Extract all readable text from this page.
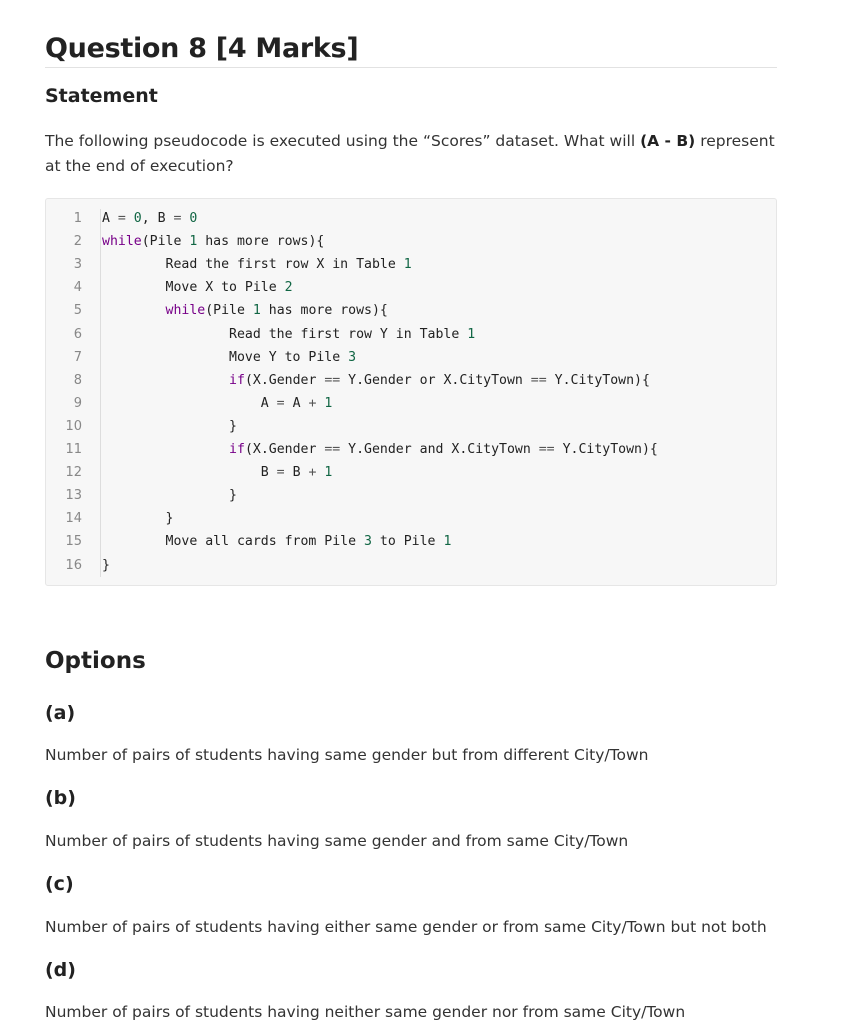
Question 8 [4 Marks]
Statement
The following pseudocode is executed using the “Scores” dataset. What will (A - B) represent at the end of execution?
1 A = 0, B = 0
2 while(Pile 1 has more rows){
3 Read the first row X in Table 1
4 Move X to Pile 2
5	while(Pile 1 has more rows){
6 Read the first row Y in Table 1
7 Move Y to Pile 3
8	if(X.Gender == Y.Gender or X.CityTown == Y.CityTown){
9 A = A + 1
10 }
11	if(X.Gender == Y.Gender and X.CityTown == Y.CityTown){
12 B = B + 1
13 }
14 }
15 Move all cards from Pile 3 to Pile 1
16 }
Options
(a)
Number of pairs of students having same gender but from different City/Town
(b)
Number of pairs of students having same gender and from same City/Town
(c)
Number of pairs of students having either same gender or from same City/Town but not both
(d)
Number of pairs of students having neither same gender nor from same City/Town
